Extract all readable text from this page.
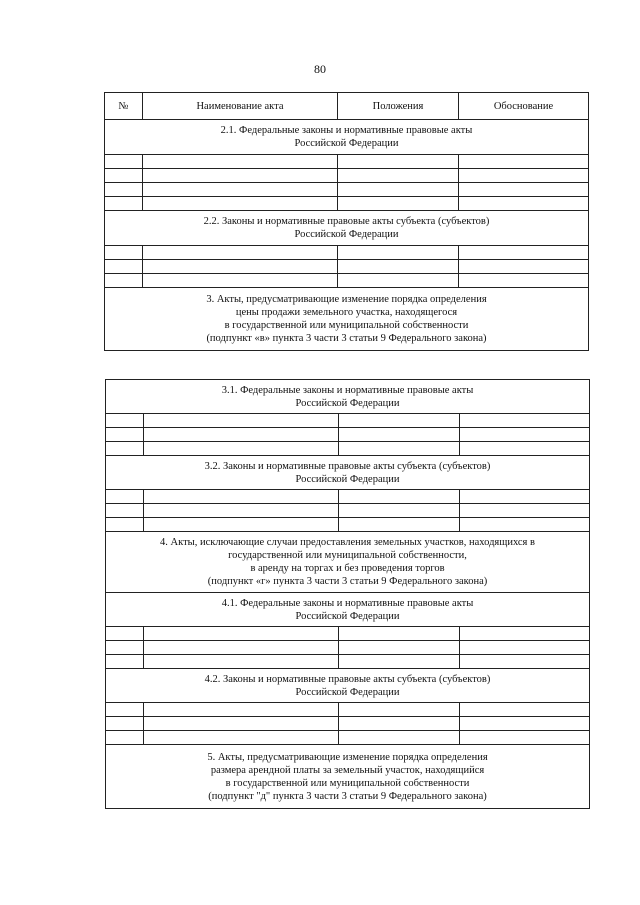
80
№	Наименование акта	Положения	Обоснование

2.1. Федеральные законы и нормативные правовые акты
Российской Федерации			

2.2. Законы и нормативные правовые акты субъекта (субъектов)
Российской Федерации			

3. Акты, предусматривающие изменение порядка определения
цены продажи земельного участка, находящегося
в государственной или муниципальной собственности
(подпункт «в» пункта 3 части 3 статьи 9 Федерального закона)			
3.1. Федеральные законы и нормативные правовые акты
Российской Федерации			

3.2. Законы и нормативные правовые акты субъекта (субъектов)
Российской Федерации			

4. Акты, исключающие случаи предоставления земельных участков, находящихся в
государственной или муниципальной собственности,
в аренду на торгах и без проведения торгов
(подпункт «г» пункта 3 части 3 статьи 9 Федерального закона)			

4.1. Федеральные законы и нормативные правовые акты
Российской Федерации			

4.2. Законы и нормативные правовые акты субъекта (субъектов)
Российской Федерации			

5. Акты, предусматривающие изменение порядка определения
размера арендной платы за земельный участок, находящийся
в государственной или муниципальной собственности
(подпункт "д" пункта 3 части 3 статьи 9 Федерального закона)			
